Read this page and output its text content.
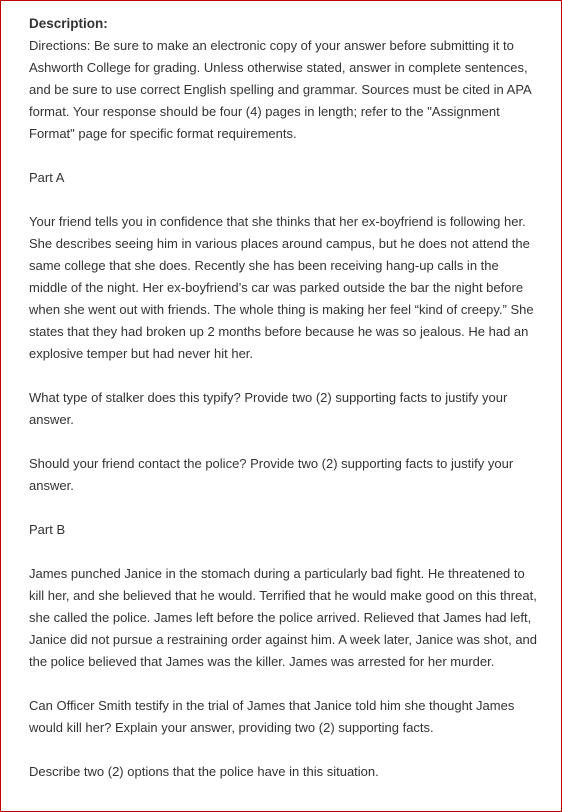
Description:

Directions: Be sure to make an electronic copy of your answer before submitting it to Ashworth College for grading. Unless otherwise stated, answer in complete sentences, and be sure to use correct English spelling and grammar. Sources must be cited in APA format. Your response should be four (4) pages in length; refer to the "Assignment Format" page for specific format requirements.

Part A

Your friend tells you in confidence that she thinks that her ex-boyfriend is following her. She describes seeing him in various places around campus, but he does not attend the same college that she does. Recently she has been receiving hang-up calls in the middle of the night. Her ex-boyfriend’s car was parked outside the bar the night before when she went out with friends. The whole thing is making her feel “kind of creepy.” She states that they had broken up 2 months before because he was so jealous. He had an explosive temper but had never hit her.

What type of stalker does this typify? Provide two (2) supporting facts to justify your answer.

Should your friend contact the police? Provide two (2) supporting facts to justify your answer.

Part B

James punched Janice in the stomach during a particularly bad fight. He threatened to kill her, and she believed that he would. Terrified that he would make good on this threat, she called the police. James left before the police arrived. Relieved that James had left, Janice did not pursue a restraining order against him. A week later, Janice was shot, and the police believed that James was the killer. James was arrested for her murder.

Can Officer Smith testify in the trial of James that Janice told him she thought James would kill her? Explain your answer, providing two (2) supporting facts.

Describe two (2) options that the police have in this situation.
